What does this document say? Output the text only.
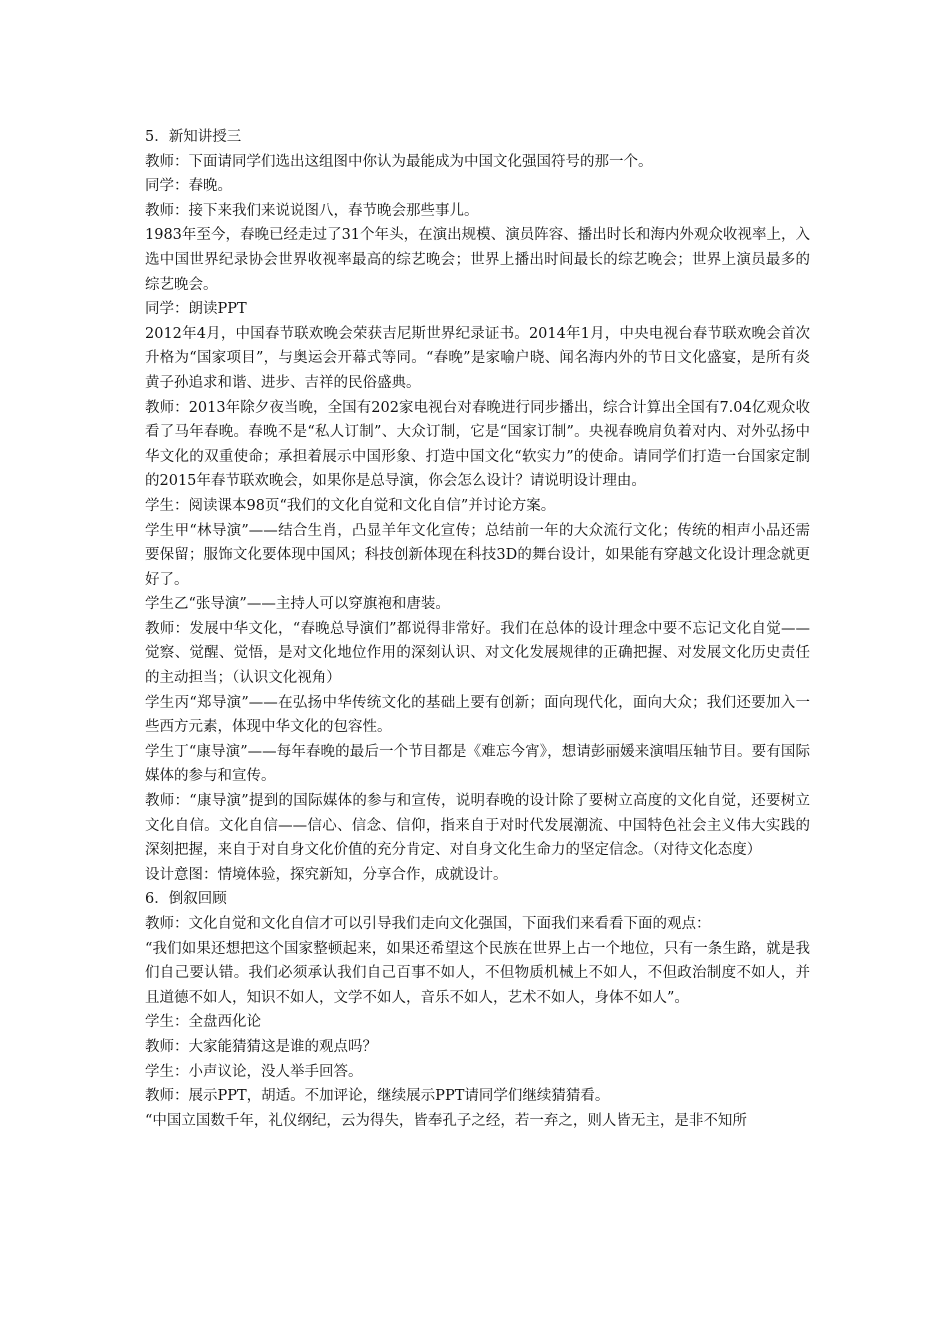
5．新知讲授三

教师：下面请同学们选出这组图中你认为最能成为中国文化强国符号的那一个。

同学：春晚。

教师：接下来我们来说说图八，春节晚会那些事儿。

1983年至今，春晚已经走过了31个年头，在演出规模、演员阵容、播出时长和海内外观众收视率上，入选中国世界纪录协会世界收视率最高的综艺晚会；世界上播出时间最长的综艺晚会；世界上演员最多的综艺晚会。

同学：朗读PPT

2012年4月，中国春节联欢晚会荣获吉尼斯世界纪录证书。2014年1月，中央电视台春节联欢晚会首次升格为“国家项目”，与奥运会开幕式等同。“春晚”是家喻户晓、闻名海内外的节日文化盛宴，是所有炎黄子孙追求和谐、进步、吉祥的民俗盛典。

教师：2013年除夕夜当晚，全国有202家电视台对春晚进行同步播出，综合计算出全国有7.04亿观众收看了马年春晚。春晚不是“私人订制”、大众订制，它是“国家订制”。央视春晚肩负着对内、对外弘扬中华文化的双重使命；承担着展示中国形象、打造中国文化“软实力”的使命。请同学们打造一台国家定制的2015年春节联欢晚会，如果你是总导演，你会怎么设计？请说明设计理由。

学生：阅读课本98页“我们的文化自觉和文化自信”并讨论方案。

学生甲“林导演”——结合生肖，凸显羊年文化宣传；总结前一年的大众流行文化；传统的相声小品还需要保留；服饰文化要体现中国风；科技创新体现在科技3D的舞台设计，如果能有穿越文化设计理念就更好了。

学生乙“张导演”——主持人可以穿旗袍和唐装。

教师：发展中华文化，“春晚总导演们”都说得非常好。我们在总体的设计理念中要不忘记文化自觉——觉察、觉醒、觉悟，是对文化地位作用的深刻认识、对文化发展规律的正确把握、对发展文化历史责任的主动担当；（认识文化视角）

学生丙“郑导演”——在弘扬中华传统文化的基础上要有创新；面向现代化，面向大众；我们还要加入一些西方元素，体现中华文化的包容性。

学生丁“康导演”——每年春晚的最后一个节目都是《难忘今宵》，想请彭丽媛来演唱压轴节目。要有国际媒体的参与和宣传。

教师：“康导演”提到的国际媒体的参与和宣传，说明春晚的设计除了要树立高度的文化自觉，还要树立文化自信。文化自信——信心、信念、信仰，指来自于对时代发展潮流、中国特色社会主义伟大实践的深刻把握，来自于对自身文化价值的充分肯定、对自身文化生命力的坚定信念。（对待文化态度）

设计意图：情境体验，探究新知，分享合作，成就设计。

6．倒叙回顾

教师：文化自觉和文化自信才可以引导我们走向文化强国，下面我们来看看下面的观点：

“我们如果还想把这个国家整顿起来，如果还希望这个民族在世界上占一个地位，只有一条生路，就是我们自己要认错。我们必须承认我们自己百事不如人，不但物质机械上不如人，不但政治制度不如人，并且道德不如人，知识不如人，文学不如人，音乐不如人，艺术不如人，身体不如人”。

学生：全盘西化论

教师：大家能猜猜这是谁的观点吗？

学生：小声议论，没人举手回答。

教师：展示PPT，胡适。不加评论，继续展示PPT请同学们继续猜猜看。

“中国立国数千年，礼仪纲纪，云为得失，皆奉孔子之经，若一弃之，则人皆无主，是非不知所
